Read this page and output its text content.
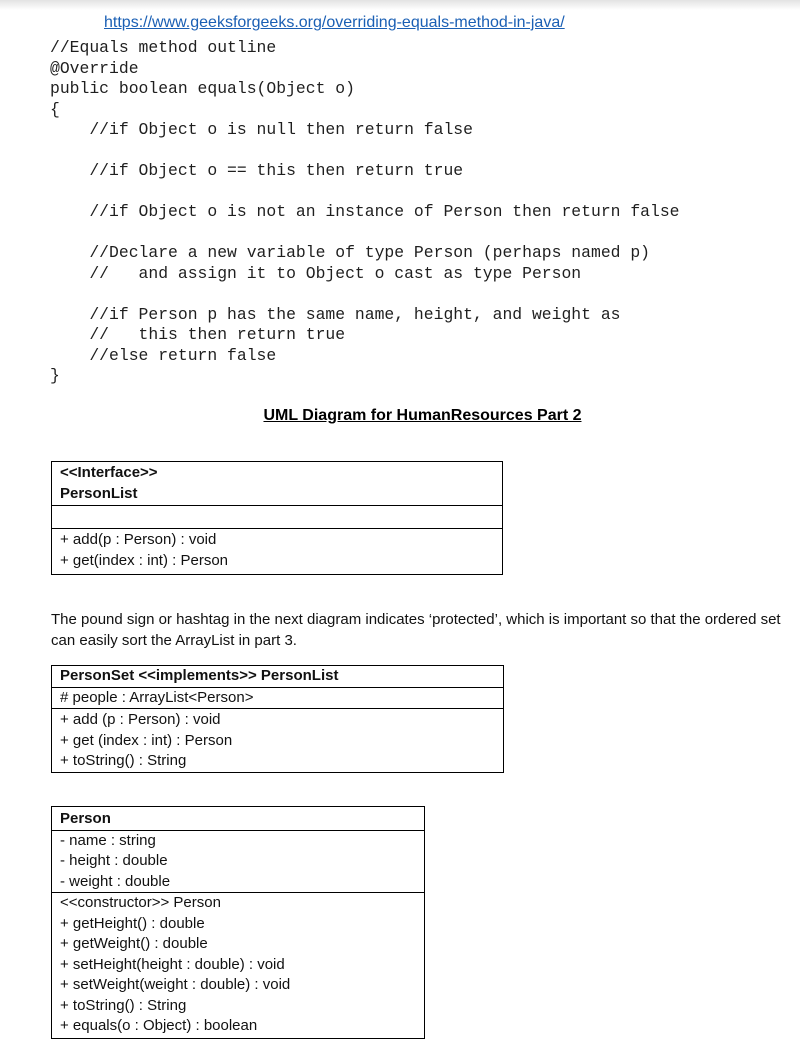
https://www.geeksforgeeks.org/overriding-equals-method-in-java/
//Equals method outline
@Override
public boolean equals(Object o)
{
//if Object o is null then return false
//if Object o == this then return true
//if Object o is not an instance of Person then return false
//Declare a new variable of type Person (perhaps named p)
//   and assign it to Object o cast as type Person
//if Person p has the same name, height, and weight as
//   this then return true
//else return false
}
UML Diagram for HumanResources Part 2
<<Interface>>
PersonList

+ add(p : Person) : void
+ get(index : int) : Person

The pound sign or hashtag in the next diagram indicates ‘protected’, which is important so that the ordered set can easily sort the ArrayList in part 3.

PersonSet <<implements>> PersonList

# people : ArrayList<Person>

+ add (p : Person) : void
+ get (index : int) : Person
+ toString() : String
Person

- name : string
- height : double
- weight : double

<<constructor>> Person
+ getHeight() : double
+ getWeight() : double
+ setHeight(height : double) : void
+ setWeight(weight : double) : void
+ toString() : String
+ equals(o : Object) : boolean
